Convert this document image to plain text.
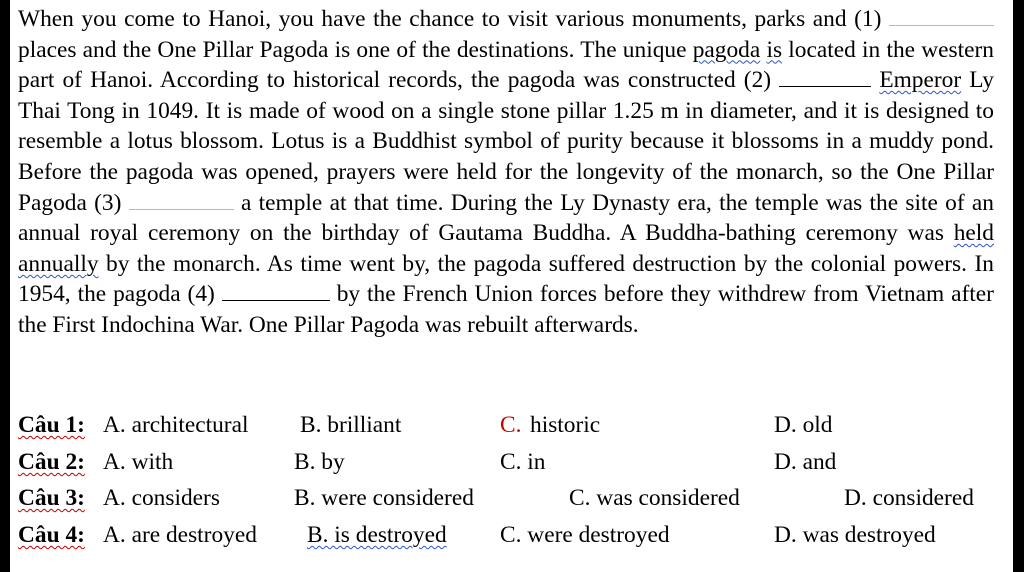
When you come to Hanoi, you have the chance to visit various monuments, parks and (1)  places and the One Pillar Pagoda is one of the destinations. The unique pagoda is located in the western part of Hanoi. According to historical records, the pagoda was constructed (2)	Emperor Ly Thai Tong in 1049. It is made of wood on a single stone pillar 1.25 m in diameter, and it is designed to resemble a lotus blossom. Lotus is a Buddhist symbol of purity because it blossoms in a muddy pond. Before the pagoda was opened, prayers were held for the longevity of the monarch, so the One Pillar Pagoda (3)	a temple at that time. During the Ly Dynasty era, the temple was the site of an annual royal ceremony on the birthday of Gautama Buddha. A Buddha-bathing ceremony was held annually by the monarch. As time went by, the pagoda suffered destruction by the colonial powers. In 1954, the pagoda (4)	by the French Union forces before they withdrew from Vietnam after the First Indochina War. One Pillar Pagoda was rebuilt afterwards.
Câu 1: A. architectural B. brilliant	C. historic	D. old
Câu 2: A. with	B. by	C. in	D. and
Câu 3: A. considers	B. were considered	C. was considered	D. considered
Câu 4: A. are destroyed B. is destroyed C. were destroyed	D. was destroyed
